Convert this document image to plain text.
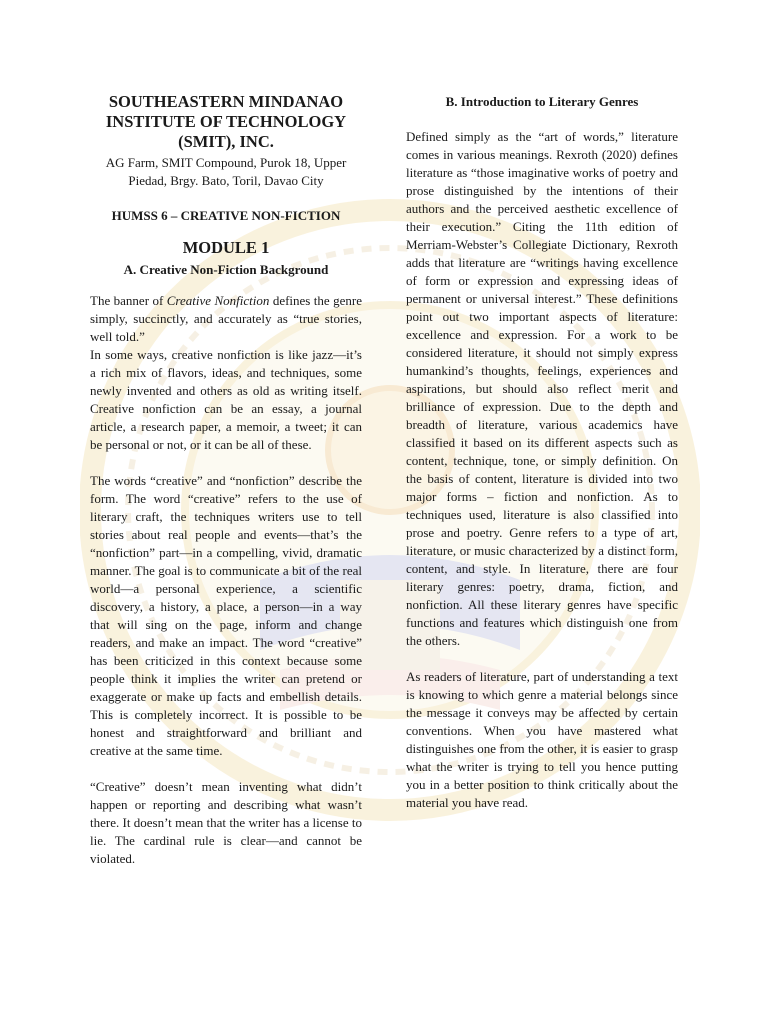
SOUTHEASTERN MINDANAO INSTITUTE OF TECHNOLOGY (SMIT), INC.

AG Farm, SMIT Compound, Purok 18, Upper Piedad, Brgy. Bato, Toril, Davao City

HUMSS 6 – CREATIVE NON-FICTION

MODULE 1
A. Creative Non-Fiction Background

The banner of Creative Nonfiction defines the genre simply, succinctly, and accurately as “true stories, well told.”

In some ways, creative nonfiction is like jazz—it’s a rich mix of flavors, ideas, and techniques, some newly invented and others as old as writing itself. Creative nonfiction can be an essay, a journal article, a research paper, a memoir, a tweet; it can be personal or not, or it can be all of these.

The words “creative” and “nonfiction” describe the form. The word “creative” refers to the use of literary craft, the techniques writers use to tell stories about real people and events—that’s the “nonfiction” part—in a compelling, vivid, dramatic manner. The goal is to communicate a bit of the real world—a personal experience, a scientific discovery, a history, a place, a person—in a way that will sing on the page, inform and change readers, and make an impact. The word “creative” has been criticized in this context because some people think it implies the writer can pretend or exaggerate or make up facts and embellish details. This is completely incorrect. It is possible to be honest and straightforward and brilliant and creative at the same time.

“Creative” doesn’t mean inventing what didn’t happen or reporting and describing what wasn’t there. It doesn’t mean that the writer has a license to lie. The cardinal rule is clear—and cannot be violated.

B. Introduction to Literary Genres

Defined simply as the “art of words,” literature comes in various meanings. Rexroth (2020) defines literature as “those imaginative works of poetry and prose distinguished by the intentions of their authors and the perceived aesthetic excellence of their execution.” Citing the 11th edition of Merriam-Webster’s Collegiate Dictionary, Rexroth adds that literature are “writings having excellence of form or expression and expressing ideas of permanent or universal interest.” These definitions point out two important aspects of literature: excellence and expression. For a work to be considered literature, it should not simply express humankind’s thoughts, feelings, experiences and aspirations, but should also reflect merit and brilliance of expression. Due to the depth and breadth of literature, various academics have classified it based on its different aspects such as content, technique, tone, or simply definition. On the basis of content, literature is divided into two major forms – fiction and nonfiction. As to techniques used, literature is also classified into prose and poetry. Genre refers to a type of art, literature, or music characterized by a distinct form, content, and style. In literature, there are four literary genres: poetry, drama, fiction, and nonfiction. All these literary genres have specific functions and features which distinguish one from the others.

As readers of literature, part of understanding a text is knowing to which genre a material belongs since the message it conveys may be affected by certain conventions. When you have mastered what distinguishes one from the other, it is easier to grasp what the writer is trying to tell you hence putting you in a better position to think critically about the material you have read.
